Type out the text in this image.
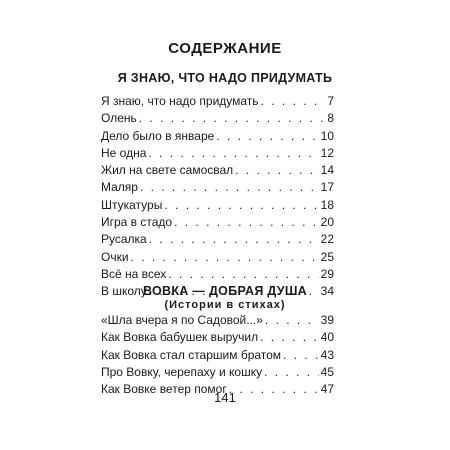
СОДЕРЖАНИЕ
Я ЗНАЮ, ЧТО НАДО ПРИДУМАТЬ
Я знаю, что надо придумать . . .	7
Олень . . .	8
Дело было в январе . . .	10
Не одна . . .	12
Жил на свете самосвал . . .	14
Маляр . . .	17
Штукатуры . . .	18
Игра в стадо . . .	20
Русалка . . .	22
Очки . . .	25
Всё на всех . . .	29
В школу . . .	34
ВОВКА — ДОБРАЯ ДУША
(Истории в стихах)
«Шла вчера я по Садовой...» . . .	39
Как Вовка бабушек выручил . . .	40
Как Вовка стал старшим братом . . .	43
Про Вовку, черепаху и кошку . . .	45
Как Вовке ветер помог . . .	47
141
